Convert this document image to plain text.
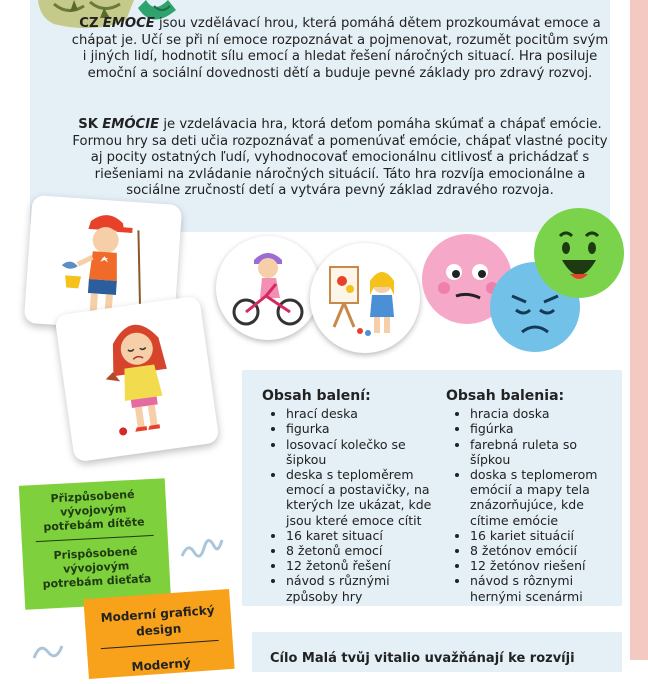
CZ EMOCE jsou vzdělávací hrou, která pomáhá dětem prozkoumávat emoce a chápat je. Učí se při ní emoce rozpoznávat a pojmenovat, rozumět pocitům svým i jiných lidí, hodnotit sílu emocí a hledat řešení náročných situací. Hra posiluje emoční a sociální dovednosti dětí a buduje pevné základy pro zdravý rozvoj.
SK EMÓCIE je vzdelávacia hra, ktorá deťom pomáha skúmať a chápať emócie. Formou hry sa deti učia rozpoznávať a pomenúvať emócie, chápať vlastné pocity aj pocity ostatných ľudí, vyhodnocovať emocionálnu citlivosť a prichádzať s riešeniami na zvládanie náročných situácií. Táto hra rozvíja emocionálne a sociálne zručností detí a vytvára pevný základ zdravého rozvoja.
Obsah balení:
• hrací deska
• figurka
• losovací kolečko se šipkou
• deska s teploměrem emocí a postavičky, na kterých lze ukázat, kde jsou které emoce cítit
• 16 karet situací
• 8 žetonů emocí
• 12 žetonů řešení
• návod s různými způsoby hry
Obsah balenia:
• hracia doska
• figúrka
• farebná ruleta so šípkou
• doska s teplomerom emócií a mapy tela znázorňujúce, kde cítime emócie
• 16 kariet situácií
• 8 žetónov emócií
• 12 žetónov riešení
• návod s rôznymi hernými scenármi
Přizpůsobené vývojovým potřebám dítěte
Prispôsobené vývojovým potrebám dieťaťa
Moderní grafický design
Moderný	Cílo Malá tvůj vitalio uvažňánají ke rozvíji
